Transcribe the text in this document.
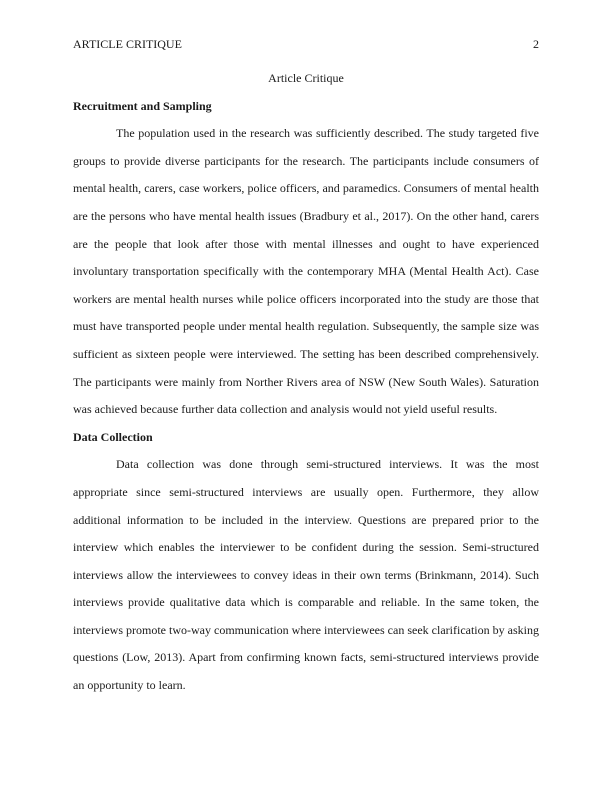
ARTICLE CRITIQUE	2

Article Critique

Recruitment and Sampling

The population used in the research was sufficiently described. The study targeted five groups to provide diverse participants for the research. The participants include consumers of mental health, carers, case workers, police officers, and paramedics. Consumers of mental health are the persons who have mental health issues (Bradbury et al., 2017). On the other hand, carers are the people that look after those with mental illnesses and ought to have experienced involuntary transportation specifically with the contemporary MHA (Mental Health Act). Case workers are mental health nurses while police officers incorporated into the study are those that must have transported people under mental health regulation. Subsequently, the sample size was sufficient as sixteen people were interviewed. The setting has been described comprehensively. The participants were mainly from Norther Rivers area of NSW (New South Wales). Saturation was achieved because further data collection and analysis would not yield useful results.

Data Collection

Data collection was done through semi-structured interviews. It was the most appropriate since semi-structured interviews are usually open. Furthermore, they allow additional information to be included in the interview. Questions are prepared prior to the interview which enables the interviewer to be confident during the session. Semi-structured interviews allow the interviewees to convey ideas in their own terms (Brinkmann, 2014). Such interviews provide qualitative data which is comparable and reliable. In the same token, the interviews promote two-way communication where interviewees can seek clarification by asking questions (Low, 2013). Apart from confirming known facts, semi-structured interviews provide an opportunity to learn.
